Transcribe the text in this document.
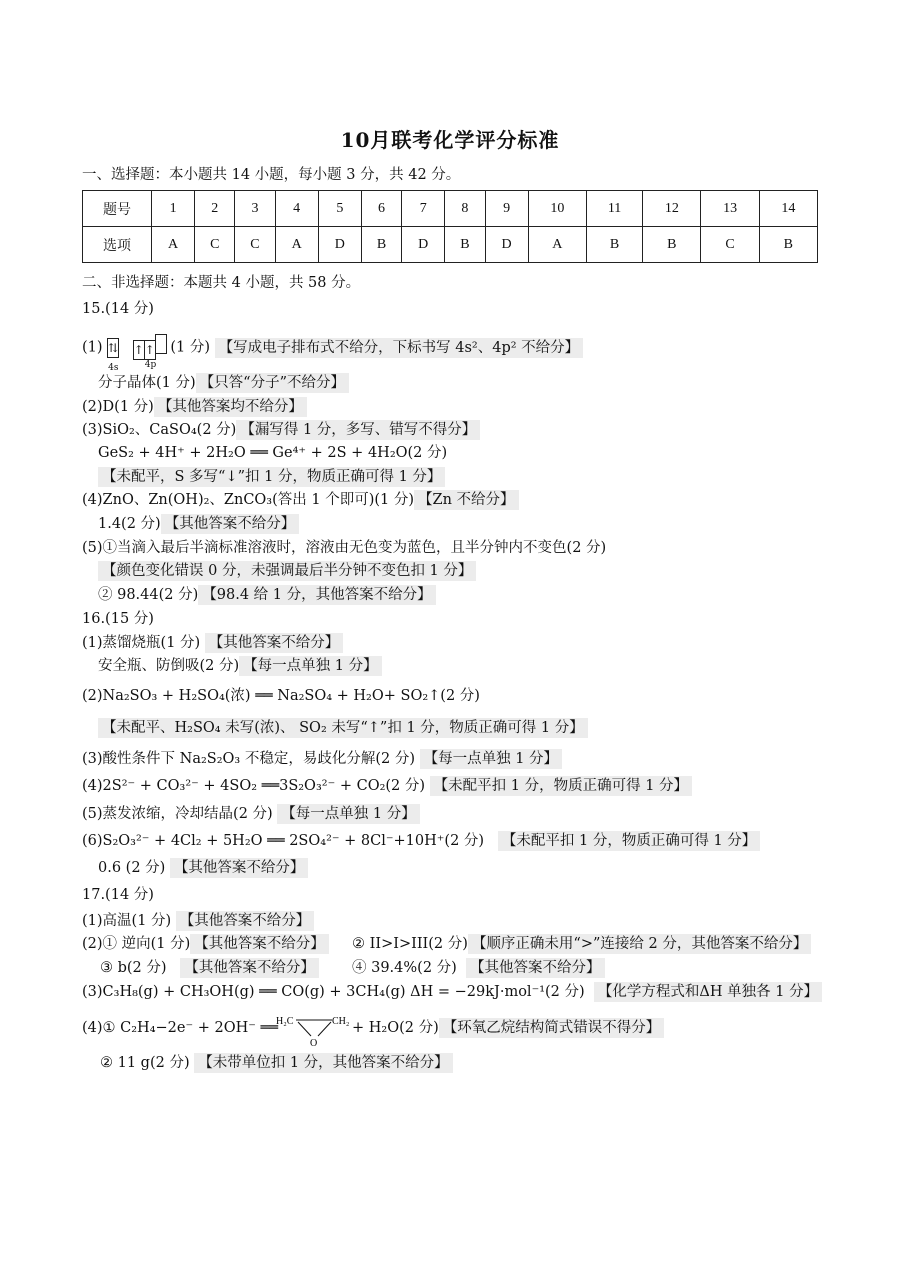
10月联考化学评分标准
一、选择题：本小题共 14 小题，每小题 3 分，共 42 分。
题号	1	2	3	4	5	6	7	8	9	10	11	12	13	14
选项	A	C	C	A	D	B	D	B	D	A	B	B	C	B
二、非选择题：本题共 4 小题，共 58 分。
15.(14 分)
(1) ⇅
4s
↑↑
4p
(1 分) 【写成电子排布式不给分，下标书写 4s²、4p² 不给分】
分子晶体(1 分) 【只答“分子”不给分】
(2)D(1 分) 【其他答案均不给分】
(3)SiO₂、CaSO₄(2 分) 【漏写得 1 分，多写、错写不得分】
GeS₂ + 4H⁺ + 2H₂O ══ Ge⁴⁺ + 2S + 4H₂O(2 分)
【未配平，S 多写“↓”扣 1 分，物质正确可得 1 分】
(4)ZnO、Zn(OH)₂、ZnCO₃(答出 1 个即可)(1 分) 【Zn 不给分】
1.4(2 分) 【其他答案不给分】
(5)①当滴入最后半滴标准溶液时，溶液由无色变为蓝色，且半分钟内不变色(2 分)
【颜色变化错误 0 分，未强调最后半分钟不变色扣 1 分】
② 98.44(2 分) 【98.4 给 1 分，其他答案不给分】
16.(15 分)
(1)蒸馏烧瓶(1 分) 【其他答案不给分】
安全瓶、防倒吸(2 分) 【每一点单独 1 分】
(2)Na₂SO₃ + H₂SO₄(浓) ══ Na₂SO₄ + H₂O+ SO₂↑(2 分)
【未配平、H₂SO₄ 未写(浓)、 SO₂ 未写“↑”扣 1 分，物质正确可得 1 分】
(3)酸性条件下 Na₂S₂O₃ 不稳定，易歧化分解(2 分) 【每一点单独 1 分】
(4)2S²⁻ + CO₃²⁻ + 4SO₂ ══3S₂O₃²⁻ + CO₂(2 分) 【未配平扣 1 分，物质正确可得 1 分】
(5)蒸发浓缩，冷却结晶(2 分) 【每一点单独 1 分】
(6)S₂O₃²⁻ + 4Cl₂ + 5H₂O ══ 2SO₄²⁻ + 8Cl⁻+10H⁺(2 分) 【未配平扣 1 分，物质正确可得 1 分】
0.6 (2 分) 【其他答案不给分】
17.(14 分)
(1)高温(1 分) 【其他答案不给分】
(2)① 逆向(1 分) 【其他答案不给分】 ② II>I>III(2 分) 【顺序正确未用“>”连接给 2 分，其他答案不给分】
③ b(2 分) 【其他答案不给分】	④ 39.4%(2 分) 【其他答案不给分】
(3)C₃H₈(g) + CH₃OH(g) ══ CO(g) + 3CH₄(g) ΔH = −29kJ·mol⁻¹(2 分) 【化学方程式和ΔH 单独各 1 分】
(4)① C₂H₄−2e⁻ + 2OH⁻ ══
H₂C	CH₂
O
+ H₂O(2 分) 【环氧乙烷结构简式错误不得分】
② 11 g(2 分) 【未带单位扣 1 分，其他答案不给分】
